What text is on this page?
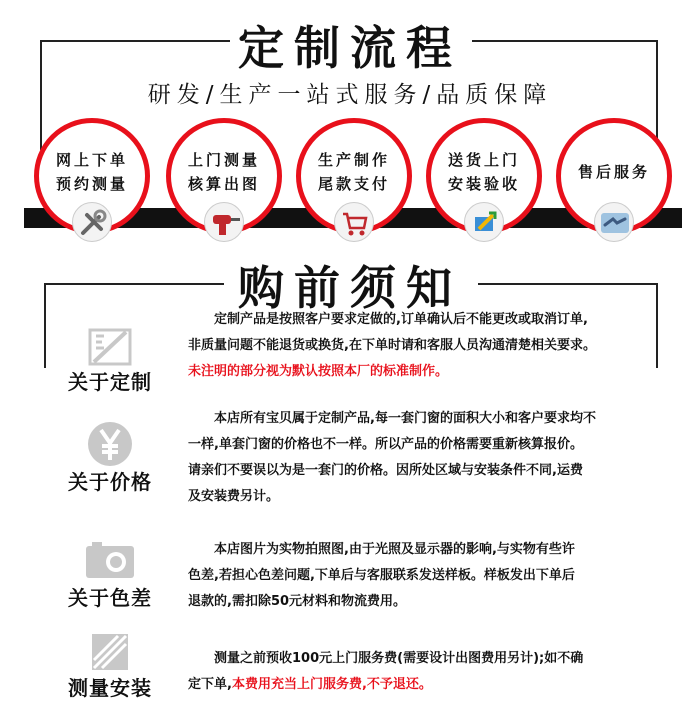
定制流程
研发/生产一站式服务/品质保障
网上下单
预约测量
上门测量
核算出图
生产制作
尾款支付
送货上门
安装验收
售后服务
购前须知
关于定制

定制产品是按照客户要求定做的,订单确认后不能更改或取消订单,

非质量问题不能退货或换货,在下单时请和客服人员沟通清楚相关要求。

未注明的部分视为默认按照本厂的标准制作。

关于价格

本店所有宝贝属于定制产品,每一套门窗的面积大小和客户要求均不

一样,单套门窗的价格也不一样。所以产品的价格需要重新核算报价。

请亲们不要误以为是一套门的价格。因所处区域与安装条件不同,运费

及安装费另计。

关于色差

本店图片为实物拍照图,由于光照及显示器的影响,与实物有些许

色差,若担心色差问题,下单后与客服联系发送样板。样板发出下单后

退款的,需扣除50元材料和物流费用。

测量安装

测量之前预收100元上门服务费(需要设计出图费用另计);如不确

定下单,本费用充当上门服务费,不予退还。
